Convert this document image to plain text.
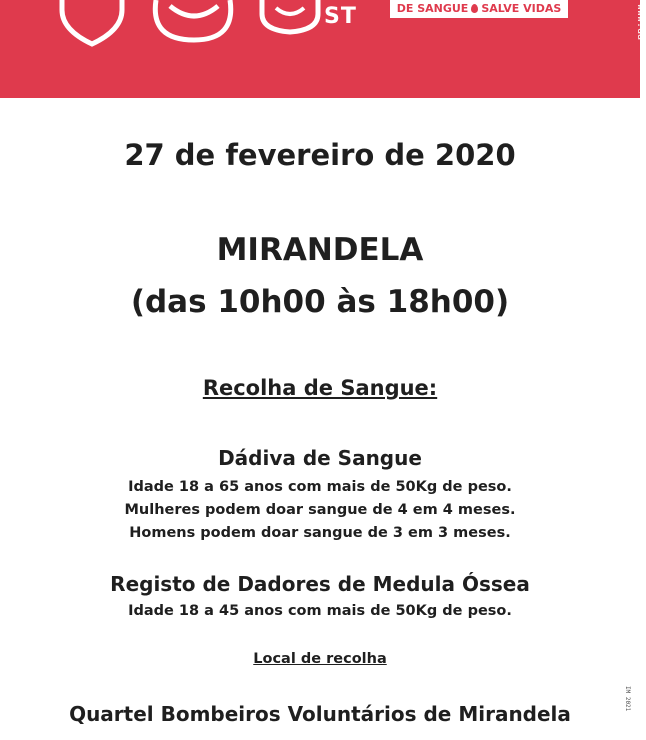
ST	DE SANGUE SALVE VIDAS	www.da
27 de fevereiro de 2020
MIRANDELA
(das 10h00 às 18h00)
Recolha de Sangue:
Dádiva de Sangue
Idade 18 a 65 anos com mais de 50Kg de peso.
Mulheres podem doar sangue de 4 em 4 meses.
Homens podem doar sangue de 3 em 3 meses.
Registo de Dadores de Medula Óssea
Idade 18 a 45 anos com mais de 50Kg de peso.
Local de recolha
Quartel Bombeiros Voluntários de Mirandela
IM 2021
